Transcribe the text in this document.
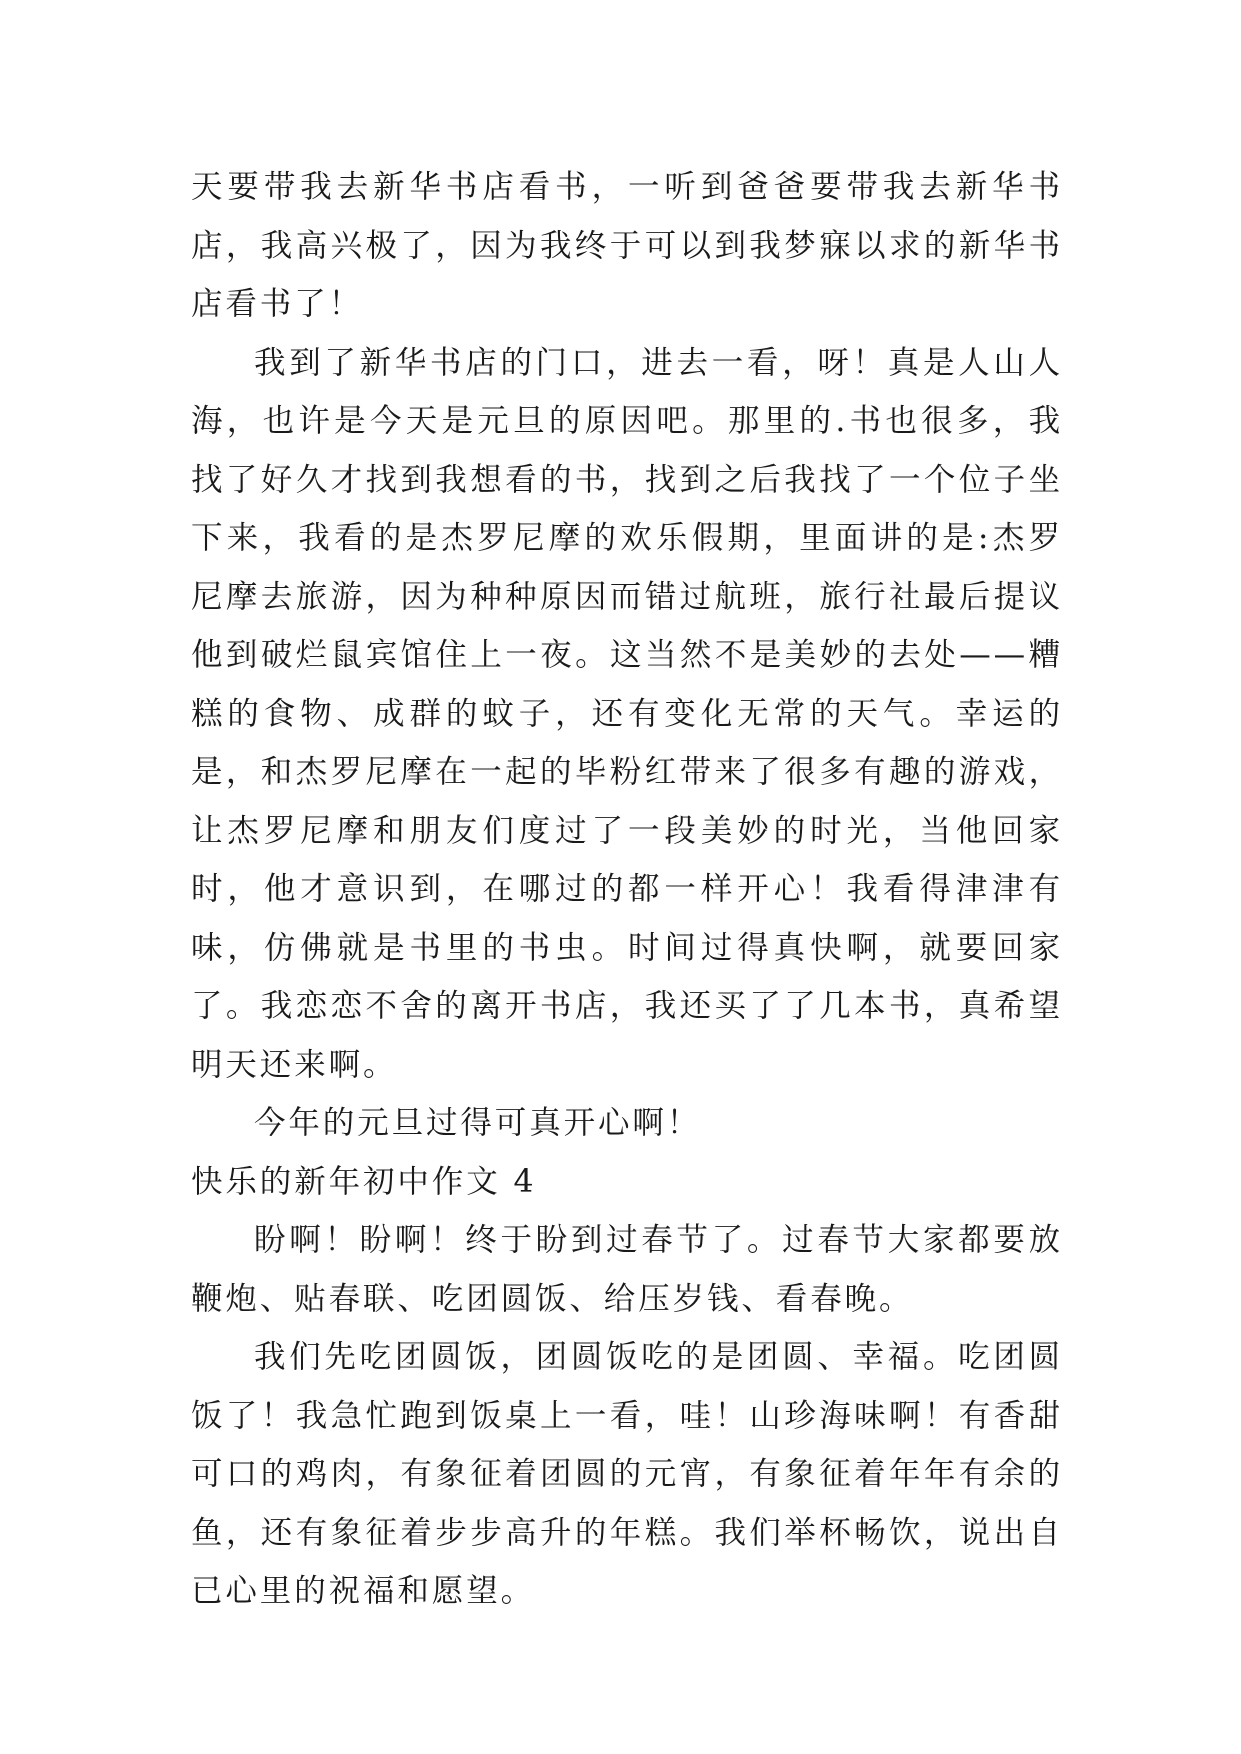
天要带我去新华书店看书，一听到爸爸要带我去新华书店，我高兴极了，因为我终于可以到我梦寐以求的新华书店看书了！

我到了新华书店的门口，进去一看，呀！真是人山人海，也许是今天是元旦的原因吧。那里的.书也很多，我找了好久才找到我想看的书，找到之后我找了一个位子坐下来，我看的是杰罗尼摩的欢乐假期，里面讲的是:杰罗尼摩去旅游，因为种种原因而错过航班，旅行社最后提议他到破烂鼠宾馆住上一夜。这当然不是美妙的去处——糟糕的食物、成群的蚊子，还有变化无常的天气。幸运的是，和杰罗尼摩在一起的毕粉红带来了很多有趣的游戏，让杰罗尼摩和朋友们度过了一段美妙的时光，当他回家时，他才意识到，在哪过的都一样开心！我看得津津有味，仿佛就是书里的书虫。时间过得真快啊，就要回家了。我恋恋不舍的离开书店，我还买了了几本书，真希望明天还来啊。

今年的元旦过得可真开心啊！

快乐的新年初中作文 4

盼啊！盼啊！终于盼到过春节了。过春节大家都要放鞭炮、贴春联、吃团圆饭、给压岁钱、看春晚。

我们先吃团圆饭，团圆饭吃的是团圆、幸福。吃团圆饭了！我急忙跑到饭桌上一看，哇！山珍海味啊！有香甜可口的鸡肉，有象征着团圆的元宵，有象征着年年有余的鱼，还有象征着步步高升的年糕。我们举杯畅饮，说出自已心里的祝福和愿望。
